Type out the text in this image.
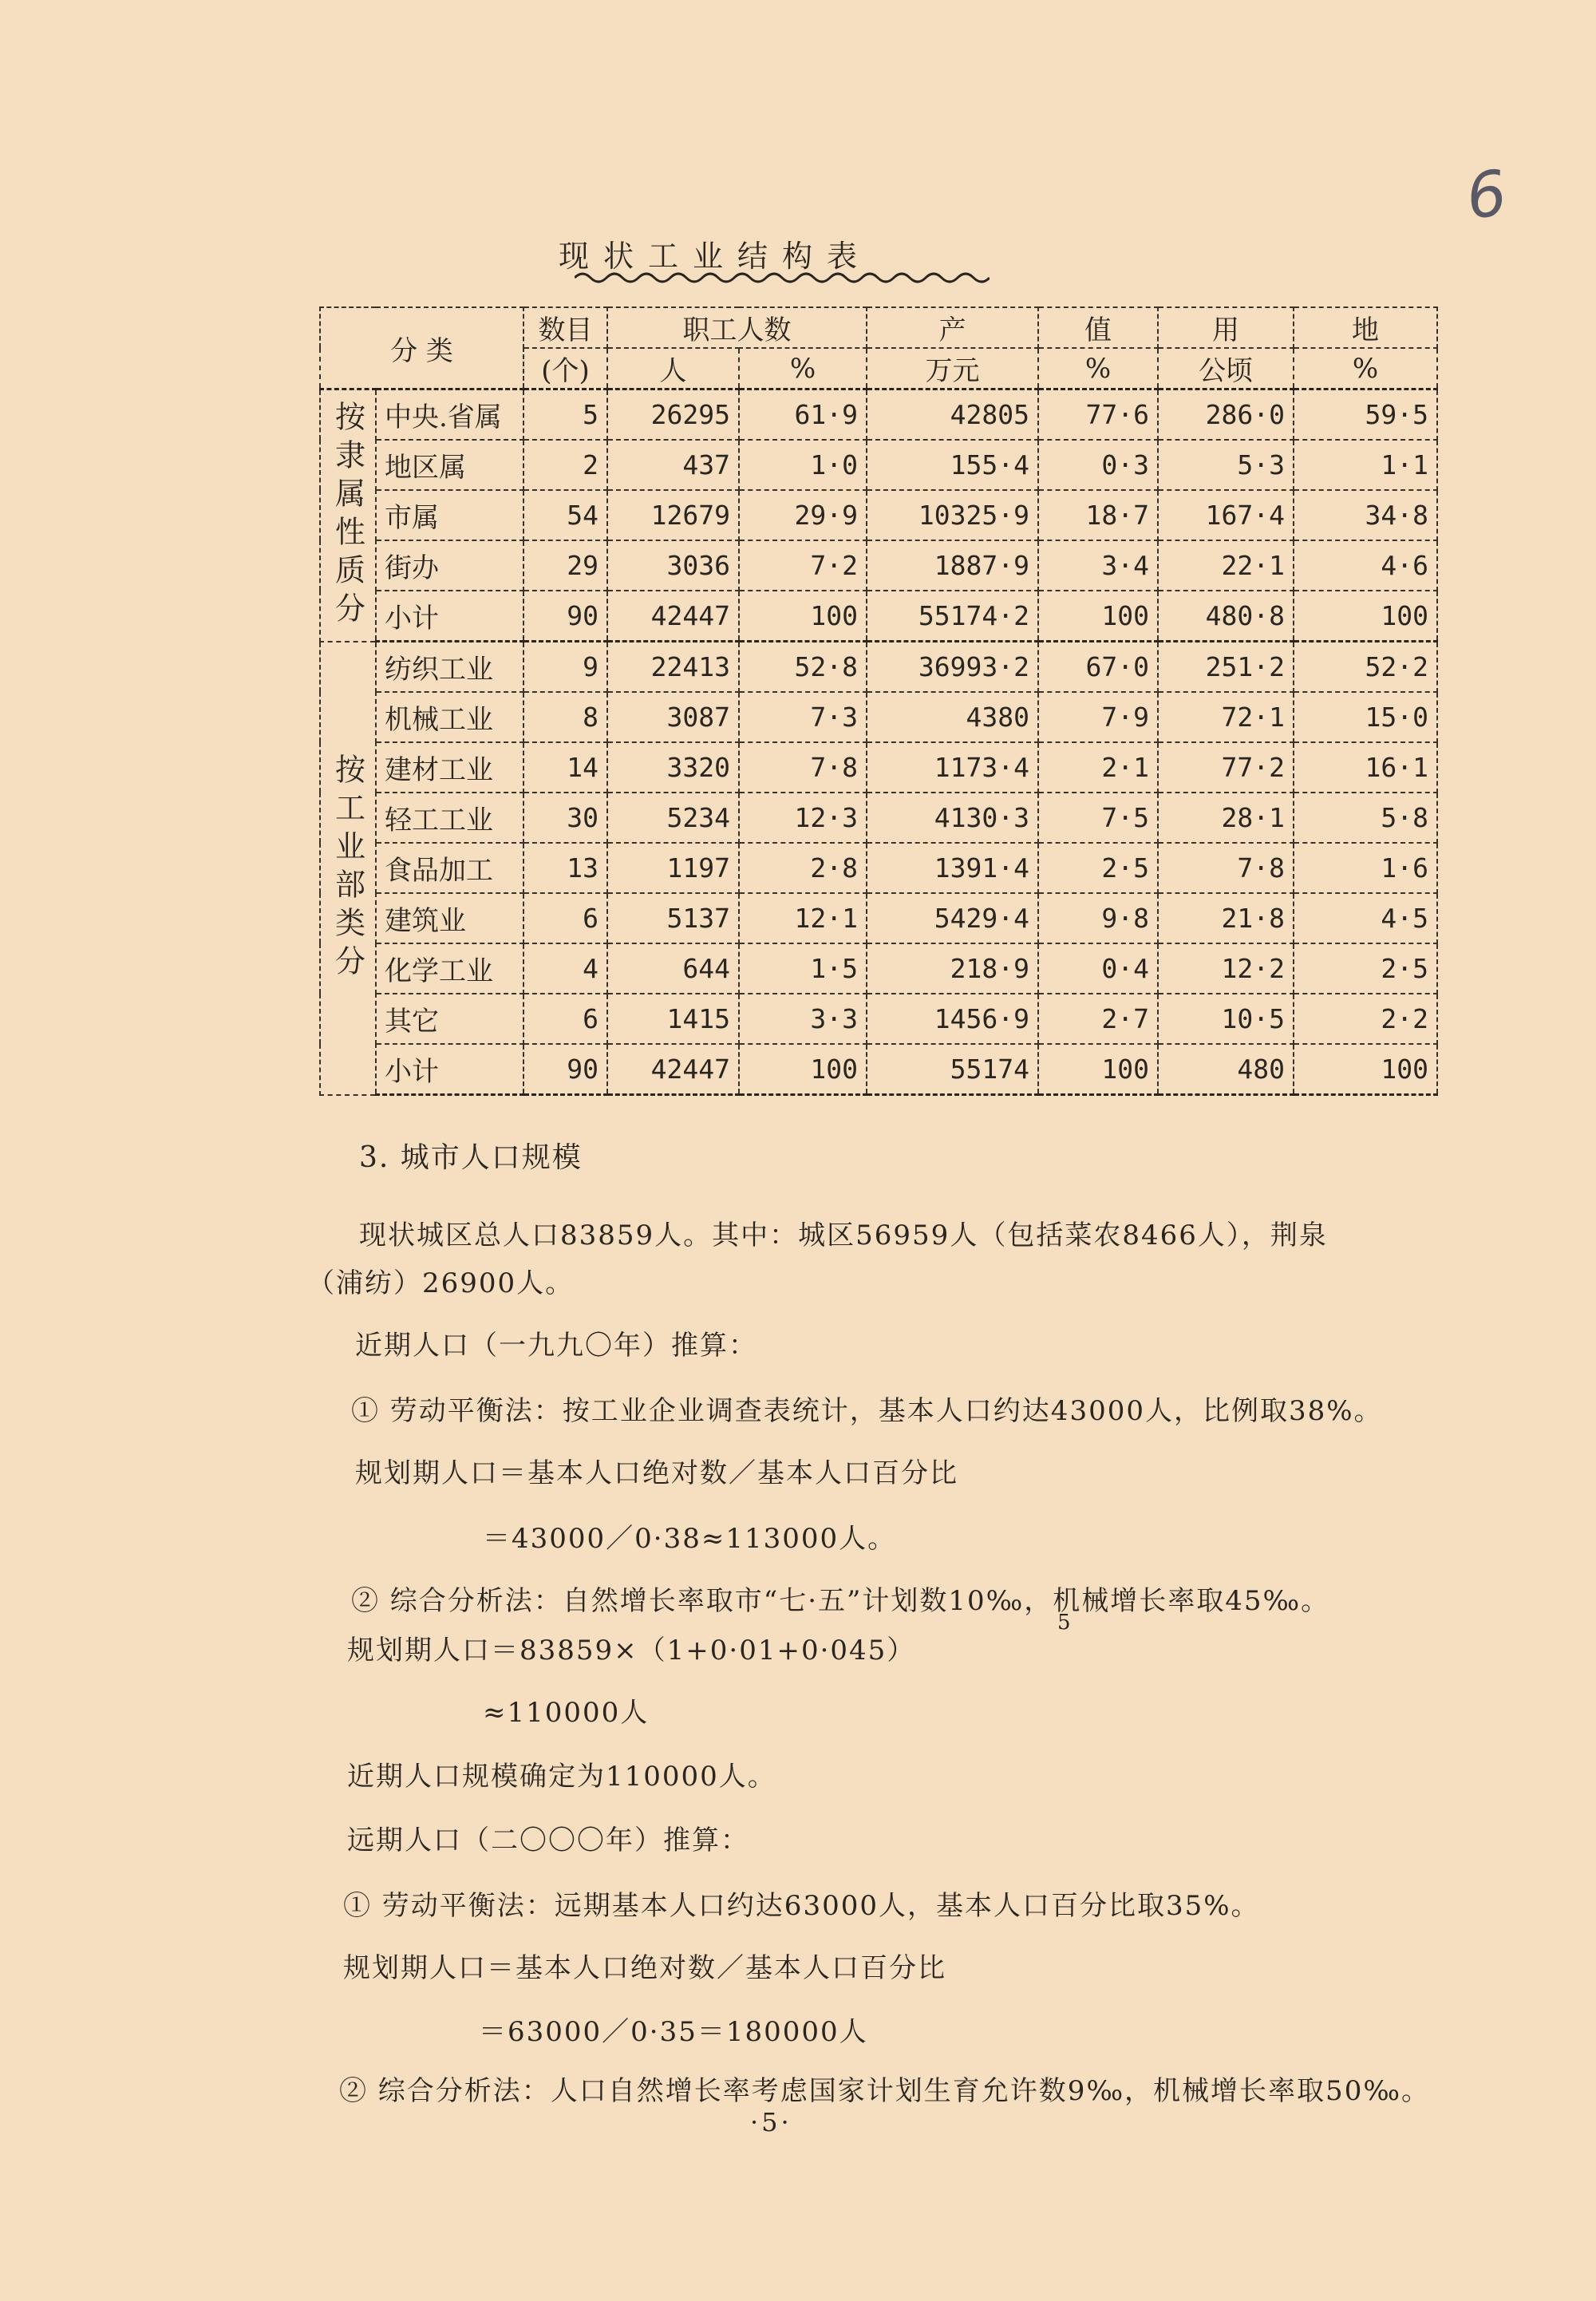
6
现状工业结构表
分 类		数目	职工人数		产	值	用	地
		(个)	人	%	万元	%	公顷	%
按隶属性质分	中央.省属	5	26295	61·9	42805	77·6	286·0	59·5
	地区属	2	437	1·0	155·4	0·3	5·3	1·1
	市属	54	12679	29·9	10325·9	18·7	167·4	34·8
	街办	29	3036	7·2	1887·9	3·4	22·1	4·6
	小计	90	42447	100	55174·2	100	480·8	100
按工业部类分	纺织工业	9	22413	52·8	36993·2	67·0	251·2	52·2
	机械工业	8	3087	7·3	4380	7·9	72·1	15·0
	建材工业	14	3320	7·8	1173·4	2·1	77·2	16·1
	轻工工业	30	5234	12·3	4130·3	7·5	28·1	5·8
	食品加工	13	1197	2·8	1391·4	2·5	7·8	1·6
	建筑业	6	5137	12·1	5429·4	9·8	21·8	4·5
	化学工业	4	644	1·5	218·9	0·4	12·2	2·5
	其它	6	1415	3·3	1456·9	2·7	10·5	2·2
	小计	90	42447	100	55174	100	480	100
3. 城市人口规模
现状城区总人口83859人。其中：城区56959人（包括菜农8466人），荆泉
（浦纺）26900人。
近期人口（一九九〇年）推算：
① 劳动平衡法：按工业企业调查表统计，基本人口约达43000人，比例取38%。
规划期人口＝基本人口绝对数／基本人口百分比
＝43000／0·38≈113000人。
② 综合分析法：自然增长率取市“七·五”计划数10‰，机械增长率取45‰。
规划期人口＝83859×（1+0·01+0·045）
5
≈110000人
近期人口规模确定为110000人。
远期人口（二〇〇〇年）推算：
① 劳动平衡法：远期基本人口约达63000人，基本人口百分比取35%。
规划期人口＝基本人口绝对数／基本人口百分比
＝63000／0·35＝180000人
② 综合分析法：人口自然增长率考虑国家计划生育允许数9‰，机械增长率取50‰。
·5·
